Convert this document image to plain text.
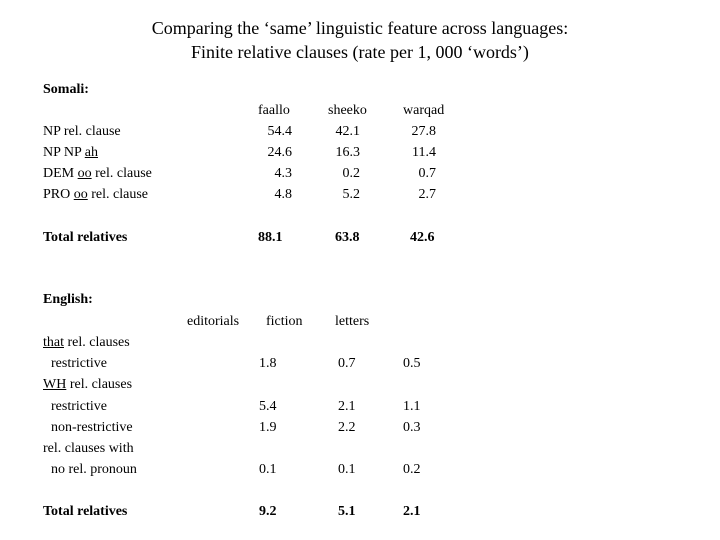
Comparing the ‘same’ linguistic feature across languages:
Finite relative clauses (rate per 1, 000 ‘words’)
Somali:
faallo	sheeko	warqad
NP rel. clause	54.4	42.1	27.8
NP NP ah	24.6	16.3	11.4
DEM oo rel. clause	4.3	0.2	0.7
PRO oo rel. clause	4.8	5.2	2.7
Total relatives	88.1	63.8	42.6
English:
editorials fiction letters
that rel. clauses
restrictive	1.8	0.7	0.5
WH rel. clauses
restrictive	5.4	2.1	1.1
non-restrictive	1.9	2.2	0.3
rel. clauses with
no rel. pronoun	0.1	0.1	0.2
Total relatives	9.2	5.1	2.1
